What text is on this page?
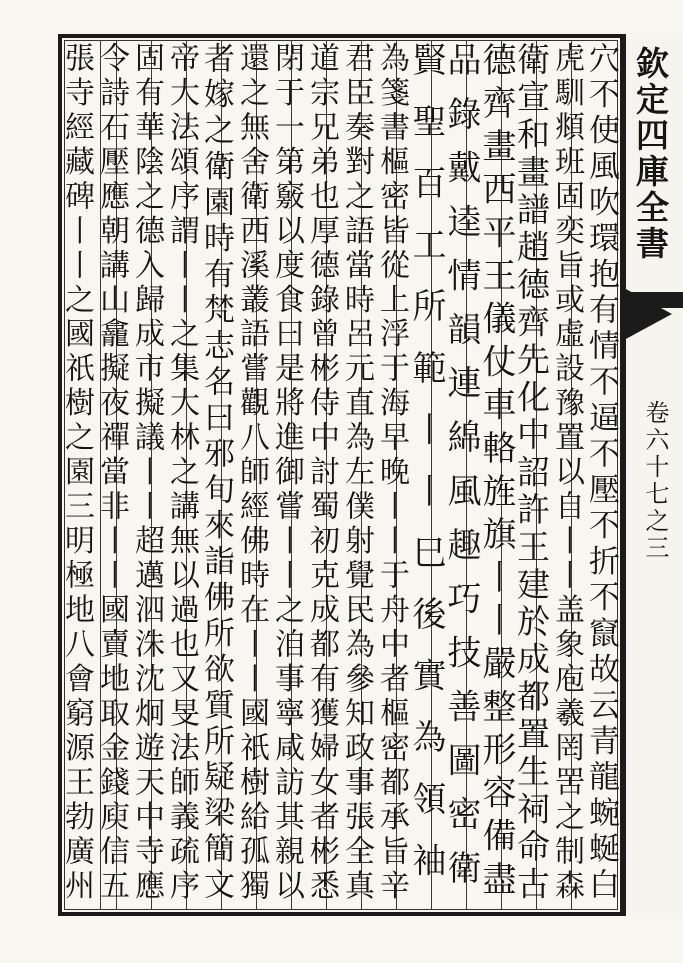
欽定四庫全書
卷六十七之三
穴不使風吹環抱有情不逼不壓不折不竄故云青龍蜿蜒白
虎馴頫班固奕旨或虛設豫置以自丨丨盖象庖羲罔罟之制森
衛宣和畫譜趙德齊先化中詔許王建於成都置生祠命古
德齊畫西平王儀仗車輅旌旗丨丨嚴整形容備盡
品錄戴逵情韻連綿風趣巧技善圖密衛
賢聖百工所範丨丨巳後實為領袖
為箋書樞密皆從上浮于海早晚丨丨于舟中者樞密都承旨辛
君臣奏對之語當時呂元直為左僕射覺民為參知政事張全真
道宗兄弟也厚德錄曾彬侍中討蜀初克成都有獲婦女者彬悉
閉于一第竅以度食曰是將進御嘗丨丨之洎事寧咸訪其親以
還之無舍衛西溪叢語嘗觀八師經佛時在丨丨國祇樹給孤獨
者嫁之衛園時有梵志名曰邪旬來詣佛所欲質所疑梁簡文
帝大法頌序謂丨丨之集大林之講無以過也又旻法師義疏序
固有華陰之德入歸成市擬議丨丨超邁泗洙沈炯遊天中寺應
令詩石壓應朝講山龕擬夜禪當非丨丨國賣地取金錢庾信五
張寺經藏碑丨丨之國祇樹之園三明極地八會窮源王勃廣州
